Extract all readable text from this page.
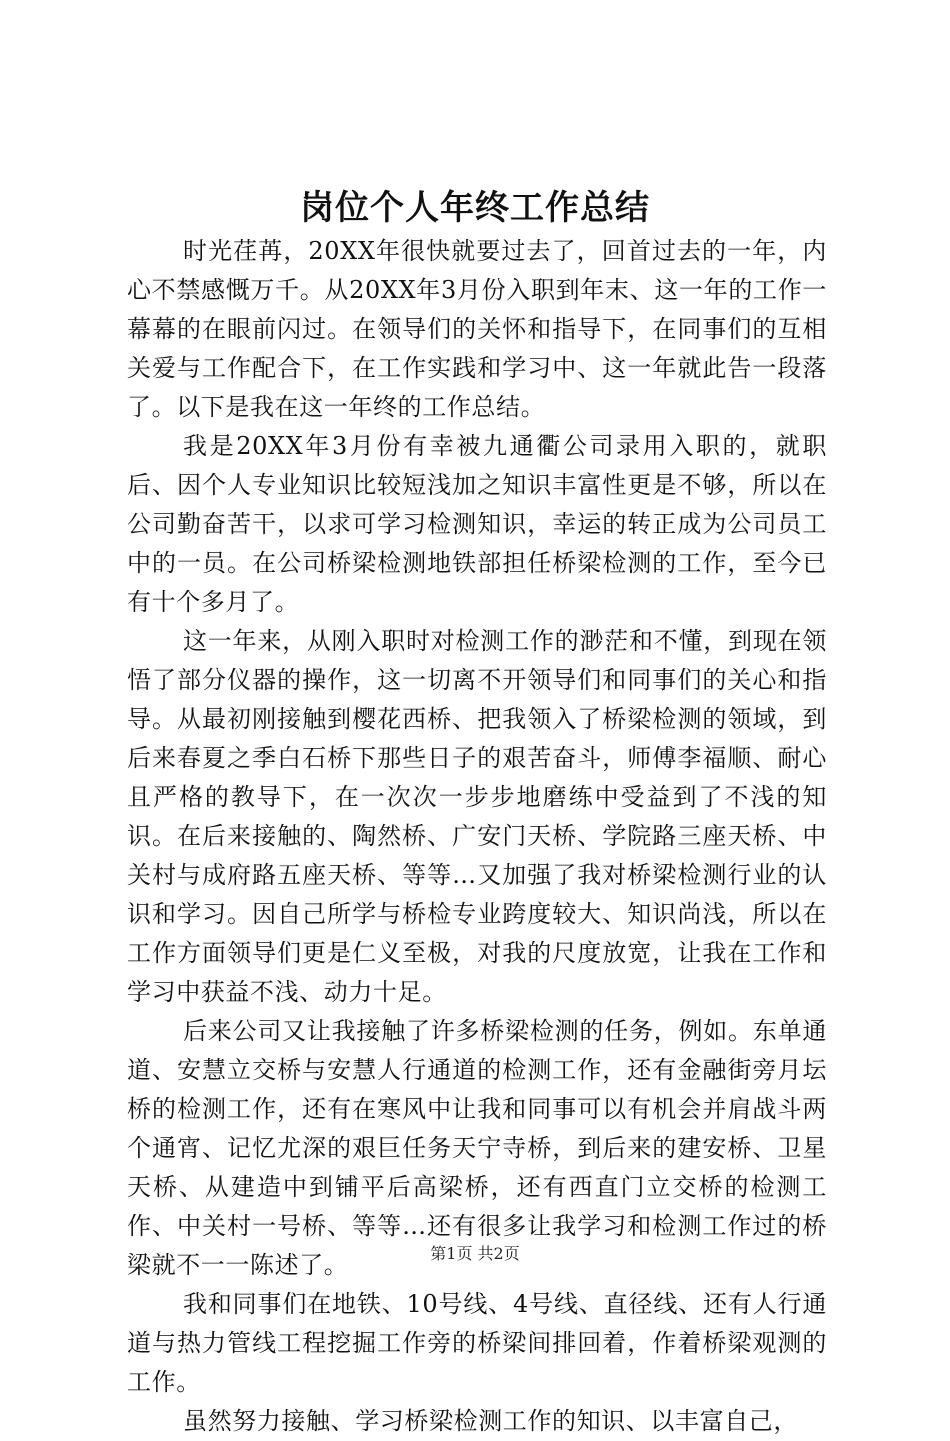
岗位个人年终工作总结

时光荏苒，20XX年很快就要过去了，回首过去的一年，内心不禁感慨万千。从20XX年3月份入职到年末、这一年的工作一幕幕的在眼前闪过。在领导们的关怀和指导下，在同事们的互相关爱与工作配合下，在工作实践和学习中、这一年就此告一段落了。以下是我在这一年终的工作总结。

我是20XX年3月份有幸被九通衢公司录用入职的，就职后、因个人专业知识比较短浅加之知识丰富性更是不够，所以在公司勤奋苦干，以求可学习检测知识，幸运的转正成为公司员工中的一员。在公司桥梁检测地铁部担任桥梁检测的工作，至今已有十个多月了。

这一年来，从刚入职时对检测工作的渺茫和不懂，到现在领悟了部分仪器的操作，这一切离不开领导们和同事们的关心和指导。从最初刚接触到樱花西桥、把我领入了桥梁检测的领域，到后来春夏之季白石桥下那些日子的艰苦奋斗，师傅李福顺、耐心且严格的教导下，在一次次一步步地磨练中受益到了不浅的知识。在后来接触的、陶然桥、广安门天桥、学院路三座天桥、中关村与成府路五座天桥、等等…又加强了我对桥梁检测行业的认识和学习。因自己所学与桥检专业跨度较大、知识尚浅，所以在工作方面领导们更是仁义至极，对我的尺度放宽，让我在工作和学习中获益不浅、动力十足。

后来公司又让我接触了许多桥梁检测的任务，例如。东单通道、安慧立交桥与安慧人行通道的检测工作，还有金融街旁月坛桥的检测工作，还有在寒风中让我和同事可以有机会并肩战斗两个通宵、记忆尤深的艰巨任务天宁寺桥，到后来的建安桥、卫星天桥、从建造中到铺平后高梁桥，还有西直门立交桥的检测工作、中关村一号桥、等等…还有很多让我学习和检测工作过的桥梁就不一一陈述了。

我和同事们在地铁、10号线、4号线、直径线、还有人行通道与热力管线工程挖掘工作旁的桥梁间排回着，作着桥梁观测的工作。

虽然努力接触、学习桥梁检测工作的知识、以丰富自己，

第1页 共2页
